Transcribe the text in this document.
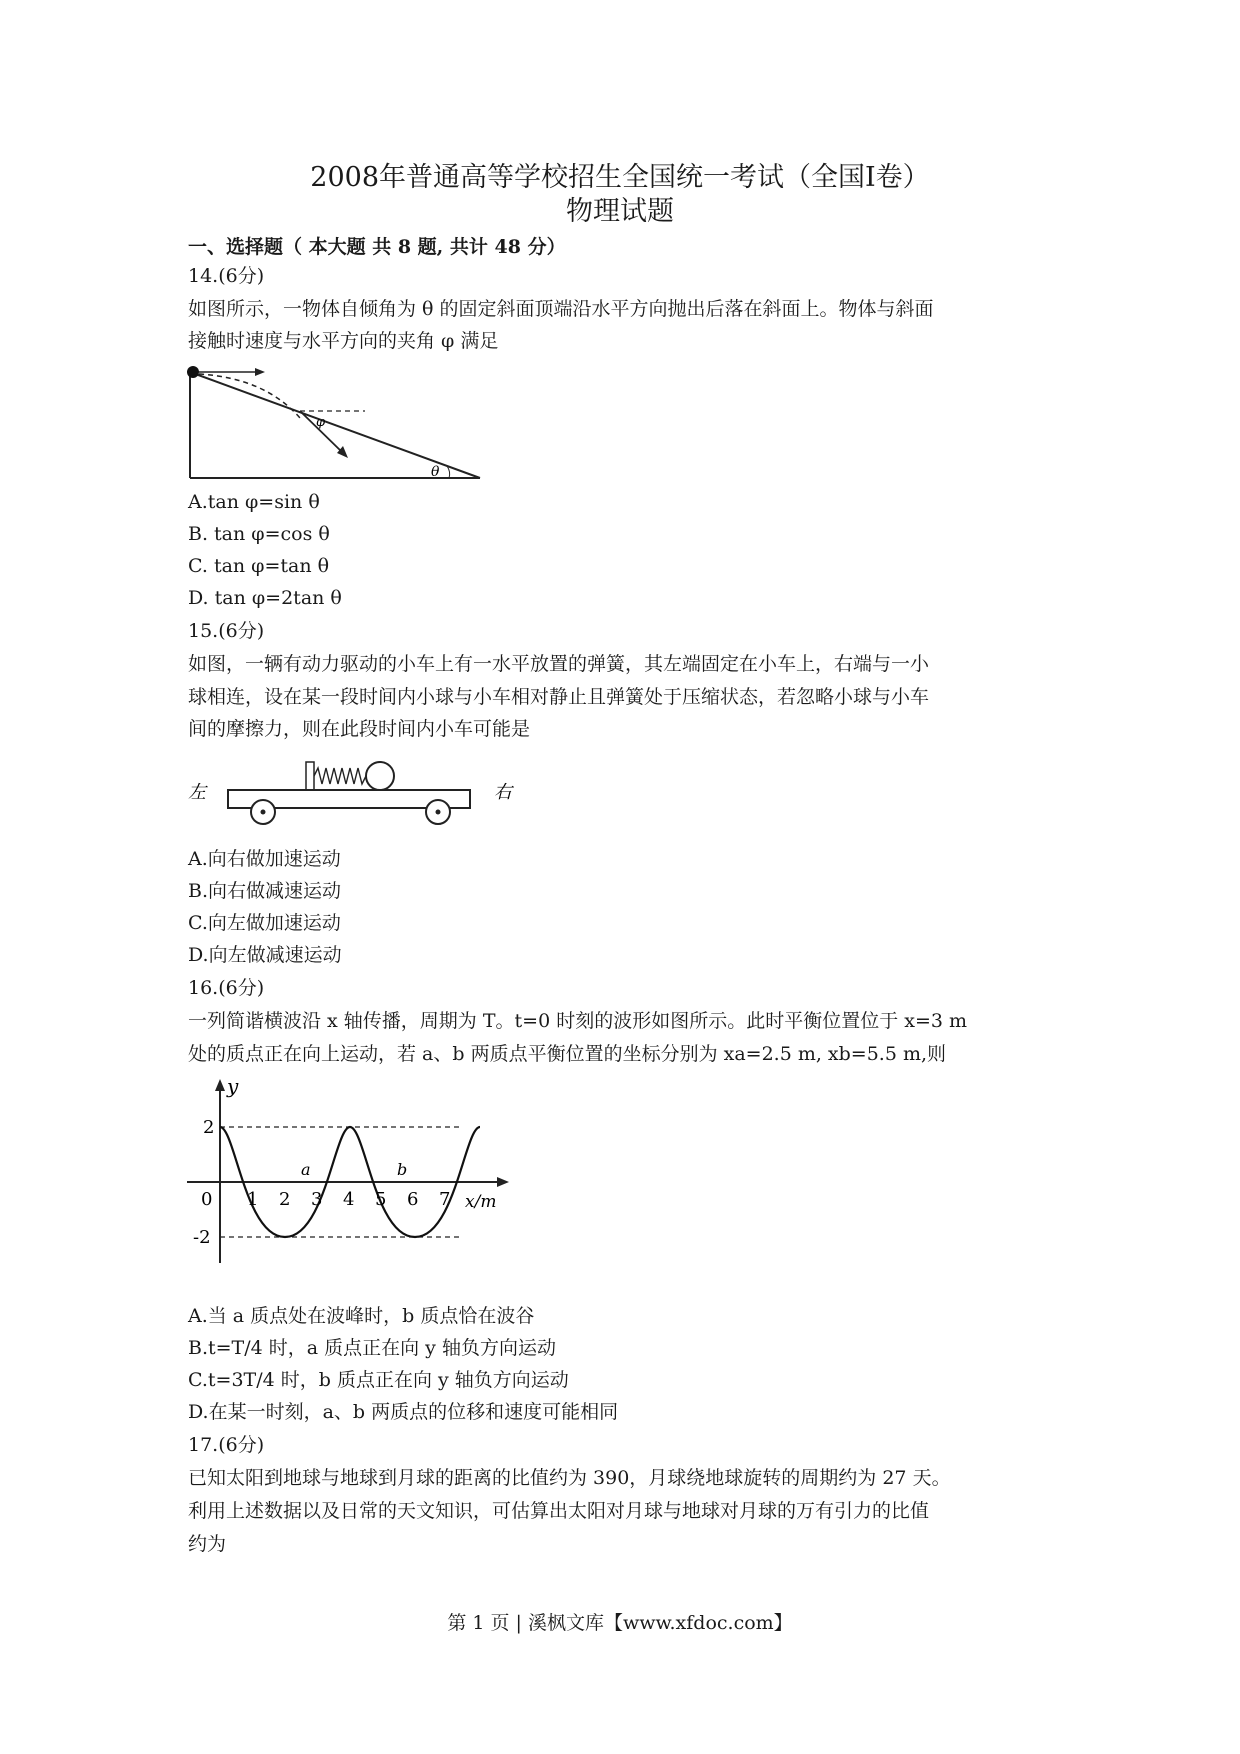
2008年普通高等学校招生全国统一考试（全国Ⅰ卷）
物理试题
一、选择题（ 本大题 共 8 题, 共计 48 分）
14.(6分)
如图所示，一物体自倾角为 θ 的固定斜面顶端沿水平方向抛出后落在斜面上。物体与斜面
接触时速度与水平方向的夹角 φ 满足
φ
θ
A.tan φ=sin θ
B. tan φ=cos θ
C. tan φ=tan θ
D. tan φ=2tan θ
15.(6分)
如图，一辆有动力驱动的小车上有一水平放置的弹簧，其左端固定在小车上，右端与一小
球相连，设在某一段时间内小球与小车相对静止且弹簧处于压缩状态，若忽略小球与小车
间的摩擦力，则在此段时间内小车可能是
左	右
A.向右做加速运动
B.向右做减速运动
C.向左做加速运动
D.向左做减速运动
16.(6分)
一列简谐横波沿 x 轴传播，周期为 T。t=0 时刻的波形如图所示。此时平衡位置位于 x=3 m
处的质点正在向上运动，若 a、b 两质点平衡位置的坐标分别为 xa=2.5 m, xb=5.5 m,则
y
x/m
0
2
-2
1 2 3 4 5 6 7
a	b
A.当 a 质点处在波峰时，b 质点恰在波谷
B.t=T/4 时，a 质点正在向 y 轴负方向运动
C.t=3T/4 时，b 质点正在向 y 轴负方向运动
D.在某一时刻，a、b 两质点的位移和速度可能相同
17.(6分)
已知太阳到地球与地球到月球的距离的比值约为 390，月球绕地球旋转的周期约为 27 天。
利用上述数据以及日常的天文知识，可估算出太阳对月球与地球对月球的万有引力的比值
约为
第 1 页 | 溪枫文库【www.xfdoc.com】
